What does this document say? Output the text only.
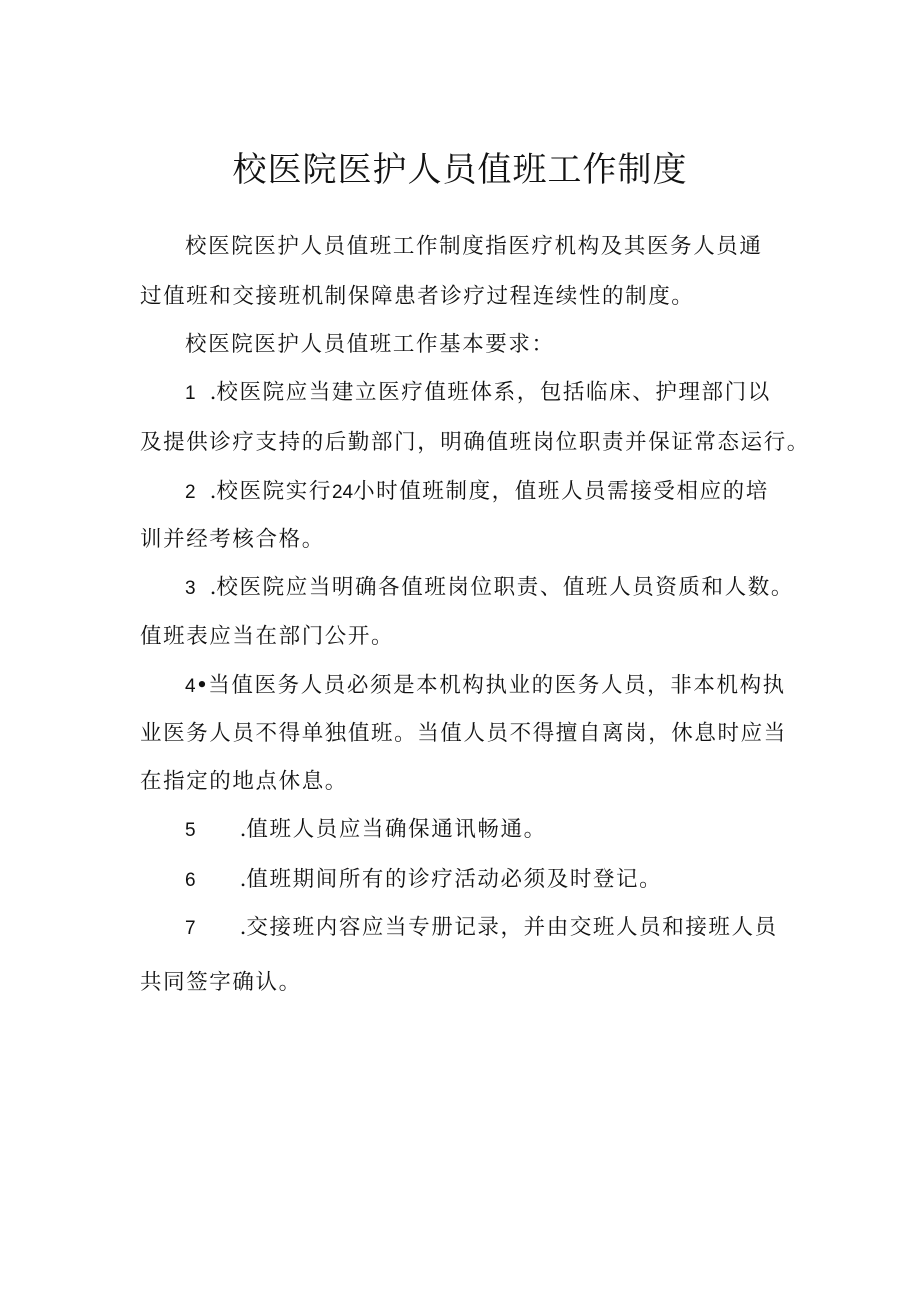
校医院医护人员值班工作制度
校医院医护人员值班工作制度指医疗机构及其医务人员通
过值班和交接班机制保障患者诊疗过程连续性的制度。
校医院医护人员值班工作基本要求：
1 .校医院应当建立医疗值班体系，包括临床、护理部门以
及提供诊疗支持的后勤部门，明确值班岗位职责并保证常态运行。
2 .校医院实行24小时值班制度，值班人员需接受相应的培
训并经考核合格。
3 .校医院应当明确各值班岗位职责、值班人员资质和人数。
值班表应当在部门公开。
4•当值医务人员必须是本机构执业的医务人员，非本机构执
业医务人员不得单独值班。当值人员不得擅自离岗，休息时应当
在指定的地点休息。
5 .值班人员应当确保通讯畅通。
6 .值班期间所有的诊疗活动必须及时登记。
7 .交接班内容应当专册记录，并由交班人员和接班人员
共同签字确认。
